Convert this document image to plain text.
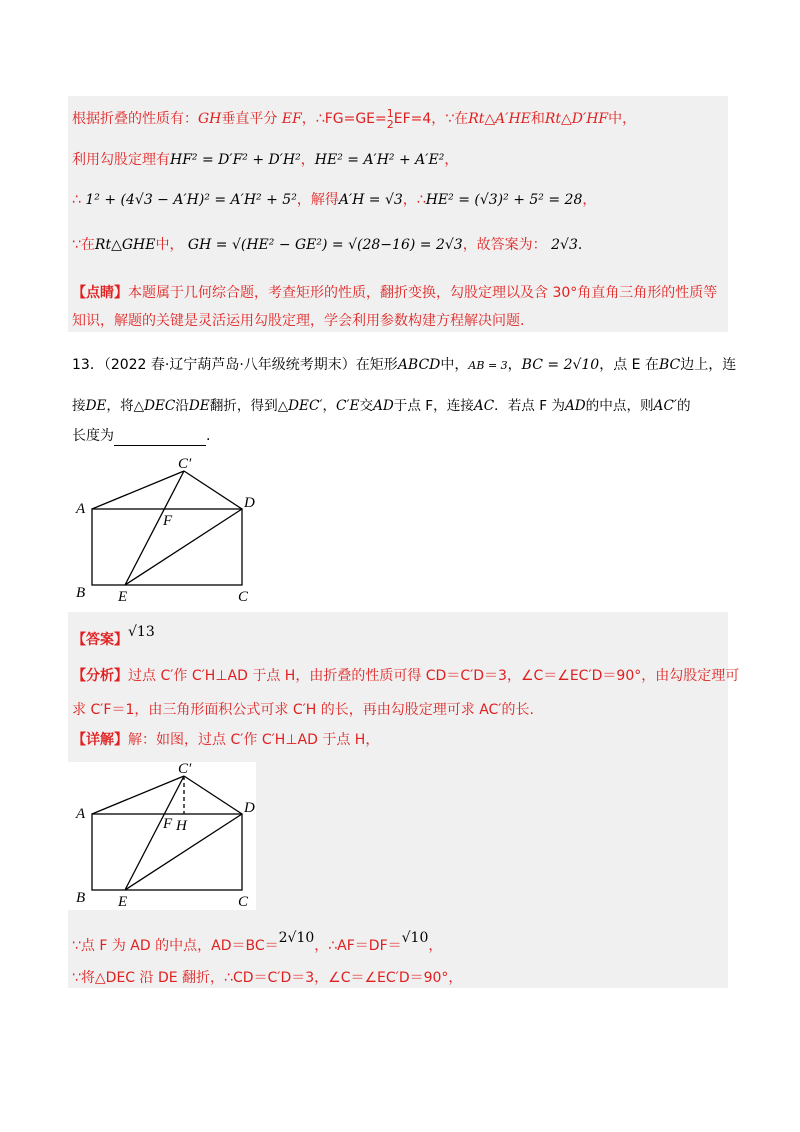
根据折叠的性质有：GH垂直平分 EF，∴FG=GE= 1
2 EF=4，∵在Rt△A′HE和Rt△D′HF中，
利用勾股定理有HF² = D′F² + D′H²，HE² = A′H² + A′E²，
∴ 1² + (4√3 − A′H)² = A′H² + 5²，解得A′H = √3，∴HE² = (√3)² + 5² = 28，
∵在Rt△GHE中， GH = √(HE² − GE²) = √(28−16) = 2√3，故答案为： 2√3.
【点睛】本题属于几何综合题，考查矩形的性质，翻折变换，勾股定理以及含 30°角直角三角形的性质等
知识，解题的关键是灵活运用勾股定理，学会利用参数构建方程解决问题.
13．（2022 春·辽宁葫芦岛·八年级统考期末）在矩形ABCD中，AB = 3，BC = 2√10，点 E 在BC边上，连
接DE，将△DEC沿DE翻折，得到△DEC′，C′E交AD于点 F，连接AC．若点 F 为AD的中点，则AC′的
长度为	.
C′
A	D
F
B E	C
【答案】√13
【分析】过点 C′作 C′H⊥AD 于点 H，由折叠的性质可得 CD＝C′D＝3，∠C＝∠EC′D＝90°，由勾股定理可
求 C′F＝1，由三角形面积公式可求 C′H 的长，再由勾股定理可求 AC′的长.
【详解】解：如图，过点 C′作 C′H⊥AD 于点 H，
C′
A	D
F H
B E	C
∵点 F 为 AD 的中点，AD＝BC＝2√10，∴AF＝DF＝√10，
∵将△DEC 沿 DE 翻折，∴CD＝C′D＝3，∠C＝∠EC′D＝90°，
